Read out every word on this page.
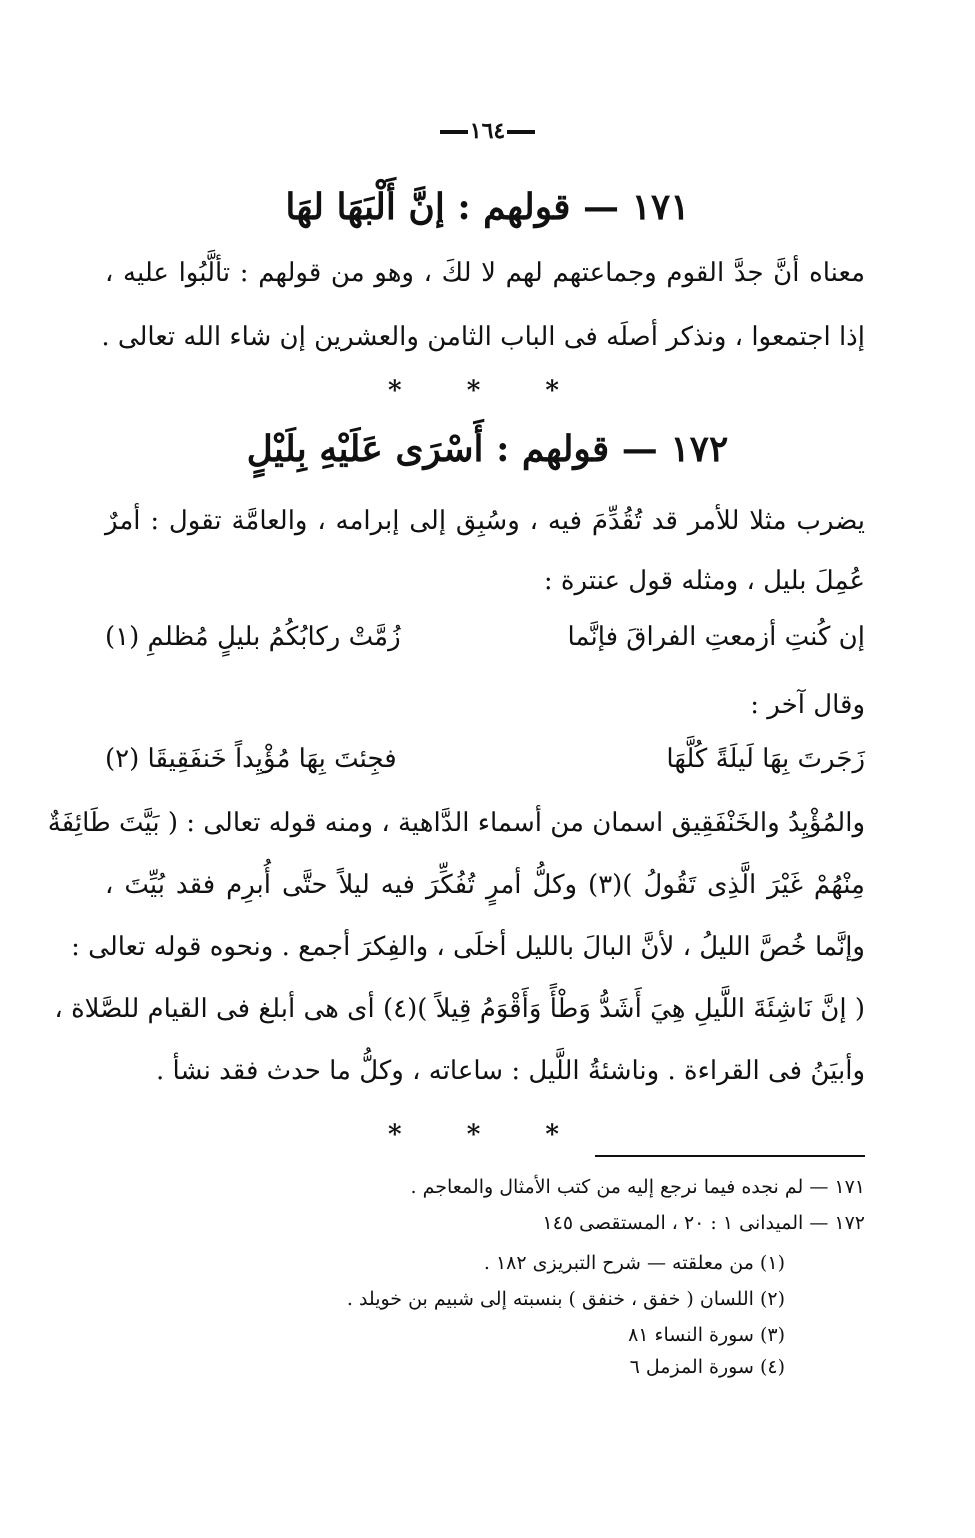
١٦٤
١٧١ — قولهم : إنَّ أَلْبَهَا لهَا
معناه أنَّ جدَّ القوم وجماعتهم لهم لا لكَ ، وهو من قولهم : تألَّبُوا عليه ،
إذا اجتمعوا ، ونذكر أصلَه فى الباب الثامن والعشرين إن شاء الله تعالى .
* * *
١٧٢ — قولهم : أَسْرَى عَلَيْهِ بِلَيْلٍ
يضرب مثلا للأمر قد تُقُدِّمَ فيه ، وسُبِق إلى إبرامه ، والعامَّة تقول : أمرٌ
عُمِلَ بليل ، ومثله قول عنترة :
إن كُنتِ أزمعتِ الفراقَ فإنَّما
زُمَّتْ ركابُكُمُ بليلٍ مُظلمِ (١)
وقال آخر :
زَجَرتَ بِهَا لَيلَةً كُلَّهَا
فجِئتَ بِهَا مُؤْيِداً خَنفَقِيقَا (٢)
والمُؤْيِدُ والخَنْفَقِيق اسمان من أسماء الدَّاهية ، ومنه قوله تعالى : ( بَيَّتَ طَائِفَةٌ
مِنْهُمْ غَيْرَ الَّذِى تَقُولُ )(٣) وكلُّ أمرٍ تُفُكِّرَ فيه ليلاً حتَّى أُبرِم فقد بُيِّتَ ،
وإنَّما خُصَّ الليلُ ، لأنَّ البالَ بالليل أخلَى ، والفِكرَ أجمع . ونحوه قوله تعالى :
( إنَّ نَاشِئَةَ اللَّيلِ هِيَ أَشَدُّ وَطْأً وَأَقْوَمُ قِيلاً )(٤) أى هى أبلغ فى القيام للصَّلاة ،
وأبيَنُ فى القراءة . وناشئةُ اللَّيل : ساعاته ، وكلُّ ما حدث فقد نشأ .
* * *
١٧١ — لم نجده فيما نرجع إليه من كتب الأمثال والمعاجم .
١٧٢ — الميدانى ١ : ٢٠ ، المستقصى ١٤٥
(١) من معلقته — شرح التبريزى ١٨٢ .
(٢) اللسان ( خفق ، خنفق ) بنسبته إلى شبيم بن خويلد .
(٣) سورة النساء ٨١
(٤) سورة المزمل ٦
